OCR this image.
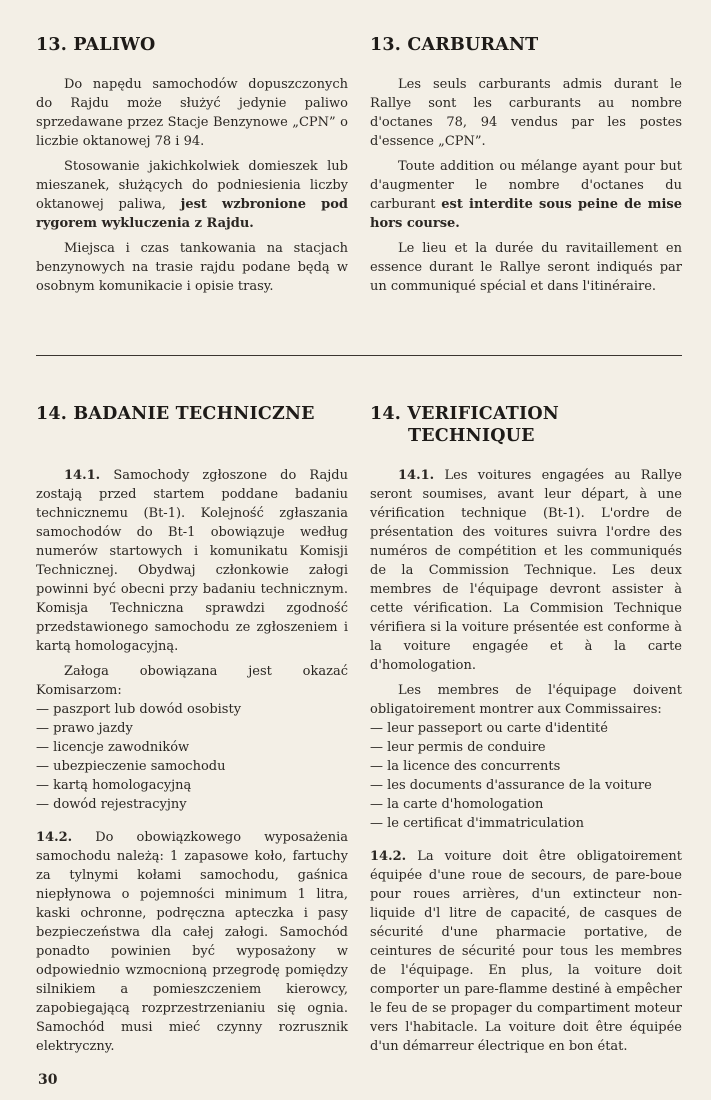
13. PALIWO

Do napędu samochodów dopuszczonych do Rajdu może służyć jedynie paliwo sprzedawane przez Stacje Benzynowe „CPN” o liczbie oktanowej 78 i 94.

Stosowanie jakichkolwiek domieszek lub mieszanek, służących do podniesienia liczby oktanowej paliwa, jest wzbronione pod rygorem wykluczenia z Rajdu.

Miejsca i czas tankowania na stacjach benzynowych na trasie rajdu podane będą w osobnym komunikacie i opisie trasy.

13. CARBURANT

Les seuls carburants admis durant le Rallye sont les carburants au nombre d'octanes 78, 94 vendus par les postes d'essence „CPN”.

Toute addition ou mélange ayant pour but d'augmenter le nombre d'octanes du carburant est interdite sous peine de mise hors course.

Le lieu et la durée du ravitaillement en essence durant le Rallye seront indiqués par un communiqué spécial et dans l'itinéraire.

14. BADANIE TECHNICZNE

14.1. Samochody zgłoszone do Rajdu zostają przed startem poddane badaniu technicznemu (Bt-1). Kolejność zgłaszania samochodów do Bt-1 obowiązuje według numerów startowych i komunikatu Komisji Technicznej. Obydwaj członkowie załogi powinni być obecni przy badaniu technicznym. Komisja Techniczna sprawdzi zgodność przedstawionego samochodu ze zgłoszeniem i kartą homologacyjną.

Załoga obowiązana jest okazać Komisarzom:

— paszport lub dowód osobisty
— prawo jazdy
— licencje zawodników
— ubezpieczenie samochodu
— kartą homologacyjną
— dowód rejestracyjny

14.2. Do obowiązkowego wyposażenia samochodu należą: 1 zapasowe koło, fartuchy za tylnymi kołami samochodu, gaśnica niepłynowa o pojemności minimum 1 litra, kaski ochronne, podręczna apteczka i pasy bezpieczeństwa dla całej załogi. Samochód ponadto powinien być wyposażony w odpowiednio wzmocnioną przegrodę pomiędzy silnikiem a pomieszczeniem kierowcy, zapobiegającą rozprzestrzenianiu się ognia. Samochód musi mieć czynny rozrusznik elektryczny.

14. VERIFICATION
TECHNIQUE

14.1. Les voitures engagées au Rallye seront soumises, avant leur départ, à une vérification technique (Bt-1). L'ordre de présentation des voitures suivra l'ordre des numéros de compétition et les communiqués de la Commission Technique. Les deux membres de l'équipage devront assister à cette vérification. La Commision Technique vérifiera si la voiture présentée est conforme à la voiture engagée et à la carte d'homologation.

Les membres de l'équipage doivent obligatoirement montrer aux Commissaires:

— leur passeport ou carte d'identité
— leur permis de conduire
— la licence des concurrents
— les documents d'assurance de la voiture
— la carte d'homologation
— le certificat d'immatriculation

14.2. La voiture doit être obligatoirement équipée d'une roue de secours, de pare-boue pour roues arrières, d'un extincteur non-liquide d'l litre de capacité, de casques de sécurité d'une pharmacie portative, de ceintures de sécurité pour tous les membres de l'équipage. En plus, la voiture doit comporter un pare-flamme destiné à empêcher le feu de se propager du compartiment moteur vers l'habitacle. La voiture doit être équipée d'un démarreur électrique en bon état.

30
